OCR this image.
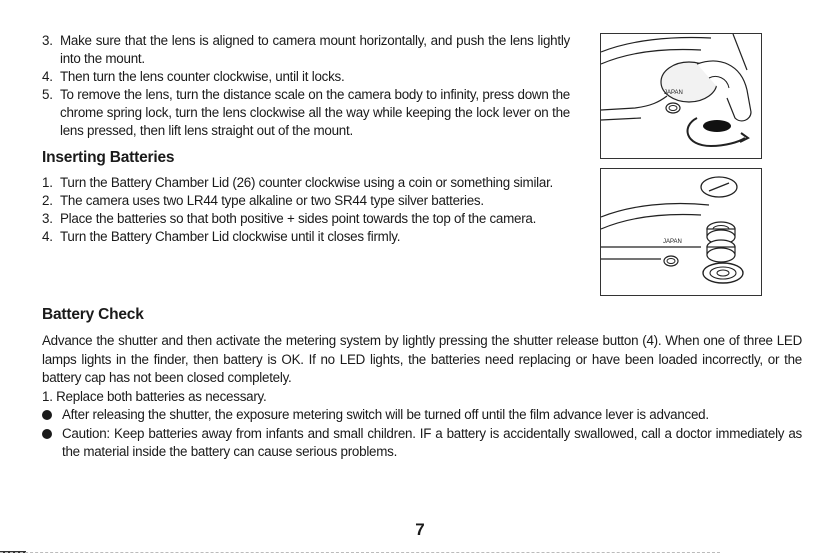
3. Make sure that the lens is aligned to camera mount horizontally, and push the lens lightly into the mount.
4. Then turn the lens counter clockwise, until it locks.
5. To remove the lens, turn the distance scale on the camera body to infinity, press down the chrome spring lock, turn the lens clockwise all the way while keeping the lock lever on the lens pressed, then lift lens straight out of the mount.
Inserting Batteries
1. Turn the Battery Chamber Lid (26) counter clockwise using a coin or something similar.
2. The camera uses two LR44 type alkaline or two SR44 type silver batteries.
3. Place the batteries so that both positive + sides point towards the top of the camera.
4. Turn the Battery Chamber Lid clockwise until it closes firmly.
Battery Check
Advance the shutter and then activate the metering system by lightly pressing the shutter release button (4). When one of three LED lamps lights in the finder, then battery is OK. If no LED lights, the batteries need replacing or have been loaded incorrectly, or the battery cap has not been closed completely.
1. Replace both batteries as necessary.
After releasing the shutter, the exposure metering switch will be turned off until the film advance lever is advanced.
Caution: Keep batteries away from infants and small children. IF a battery is accidentally swallowed, call a doctor immediately as the material inside the battery can cause serious problems.
JAPAN
JAPAN
7
